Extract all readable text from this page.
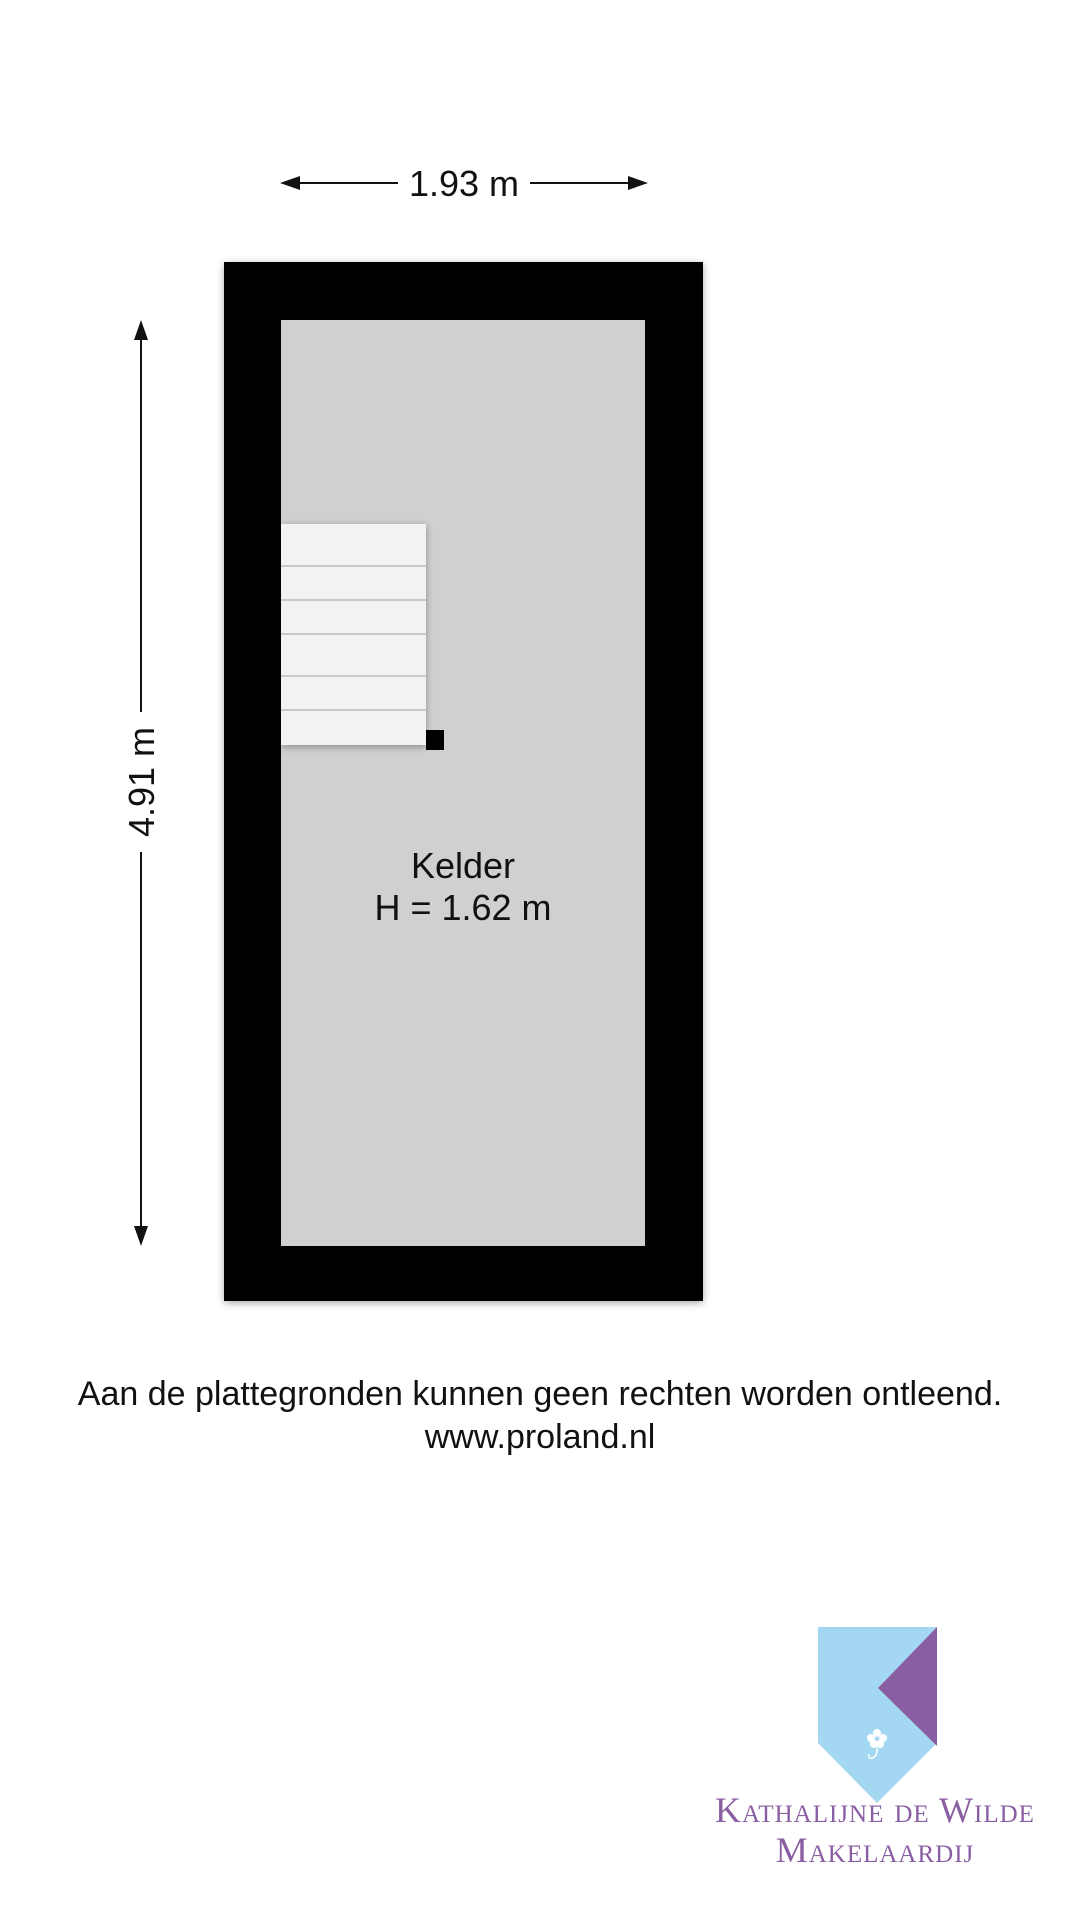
1.93 m
4.91 m
Kelder
H = 1.62 m
Aan de plattegronden kunnen geen rechten worden ontleend.
www.proland.nl
Kathalijne de Wilde
Makelaardij
